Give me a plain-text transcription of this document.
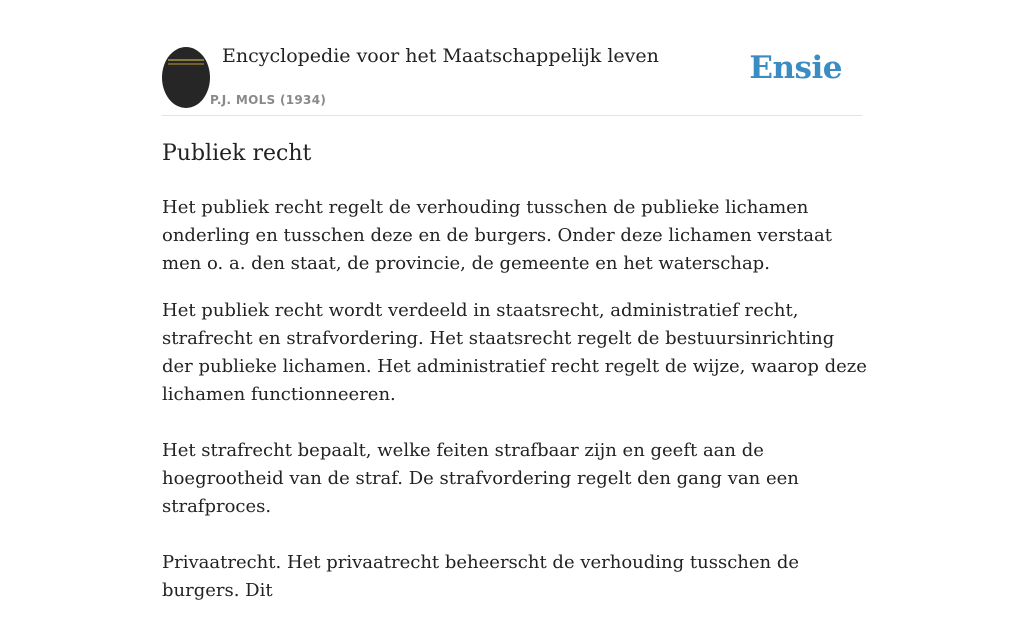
Encyclopedie voor het Maatschappelijk leven
P.J. MOLS (1934)
Ensie
Publiek recht

Het publiek recht regelt de verhouding tusschen de publieke lichamen onderling en tusschen deze en de burgers. Onder deze lichamen verstaat men o. a. den staat, de provincie, de gemeente en het waterschap.

Het publiek recht wordt verdeeld in staatsrecht, administratief recht, strafrecht en strafvordering. Het staatsrecht regelt de bestuursinrichting der publieke lichamen. Het administratief recht regelt de wijze, waarop deze lichamen functionneeren.

Het strafrecht bepaalt, welke feiten strafbaar zijn en geeft aan de hoegrootheid van de straf. De strafvordering regelt den gang van een strafproces.

Privaatrecht. Het privaatrecht beheerscht de verhouding tusschen de burgers. Dit
